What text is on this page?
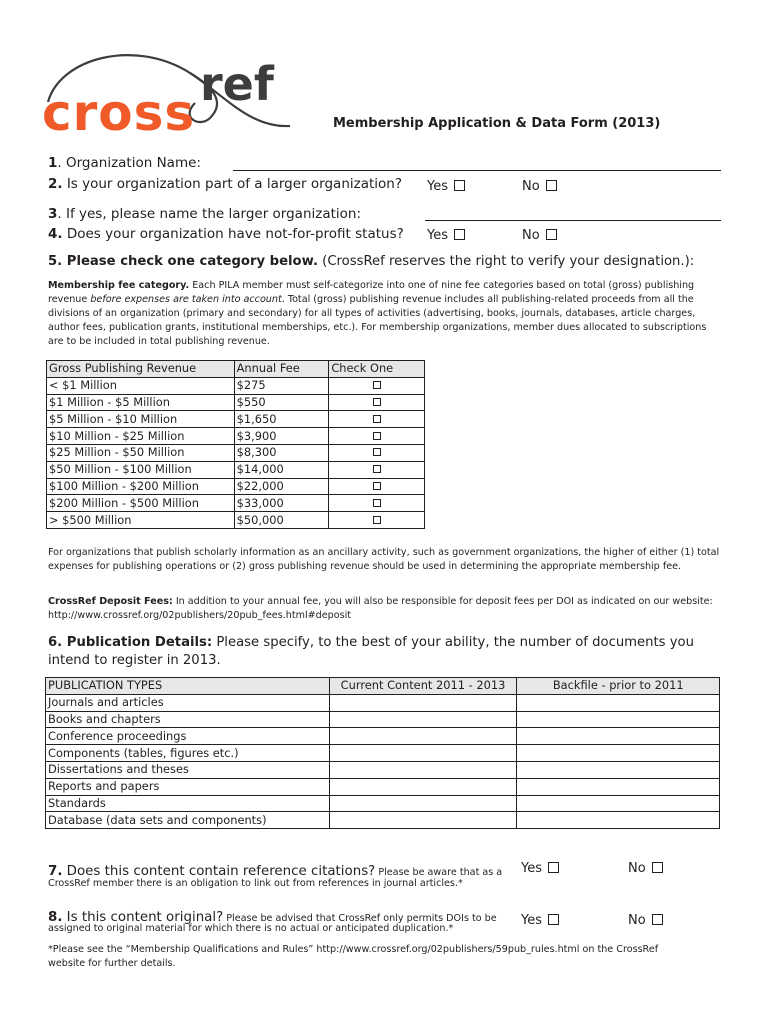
cross ref
Membership Application & Data Form (2013)
1. Organization Name:
2. Is your organization part of a larger organization? Yes	No
3. If yes, please name the larger organization:
4. Does your organization have not-for-profit status? Yes	No
5. Please check one category below. (CrossRef reserves the right to verify your designation.):
Membership fee category. Each PILA member must self-categorize into one of nine fee categories based on total (gross) publishing revenue before expenses are taken into account. Total (gross) publishing revenue includes all publishing-related proceeds from all the divisions of an organization (primary and secondary) for all types of activities (advertising, books, journals, databases, article charges, author fees, publication grants, institutional memberships, etc.). For membership organizations, member dues allocated to subscriptions are to be included in total publishing revenue.
Gross Publishing Revenue	Annual Fee	Check One
< $1 Million	$275	
$1 Million - $5 Million	$550	
$5 Million - $10 Million	$1,650	
$10 Million - $25 Million	$3,900	
$25 Million - $50 Million	$8,300	
$50 Million - $100 Million	$14,000	
$100 Million - $200 Million	$22,000	
$200 Million - $500 Million	$33,000	
> $500 Million	$50,000	
For organizations that publish scholarly information as an ancillary activity, such as government organizations, the higher of either (1) total expenses for publishing operations or (2) gross publishing revenue should be used in determining the appropriate membership fee.
CrossRef Deposit Fees: In addition to your annual fee, you will also be responsible for deposit fees per DOI as indicated on our website: http://www.crossref.org/02publishers/20pub_fees.html#deposit
6. Publication Details: Please specify, to the best of your ability, the number of documents you intend to register in 2013.
PUBLICATION TYPES	Current Content 2011 - 2013	Backfile - prior to 2011
Journals and articles		
Books and chapters		
Conference proceedings		
Components (tables, figures etc.)		
Dissertations and theses		
Reports and papers		
Standards		
Database (data sets and components)		
7. Does this content contain reference citations? Please be aware that as a
CrossRef member there is an obligation to link out from references in journal articles.*
Yes	No
8. Is this content original? Please be advised that CrossRef only permits DOIs to be
assigned to original material for which there is no actual or anticipated duplication.*
Yes	No
*Please see the “Membership Qualifications and Rules” http://www.crossref.org/02publishers/59pub_rules.html on the CrossRef
website for further details.
